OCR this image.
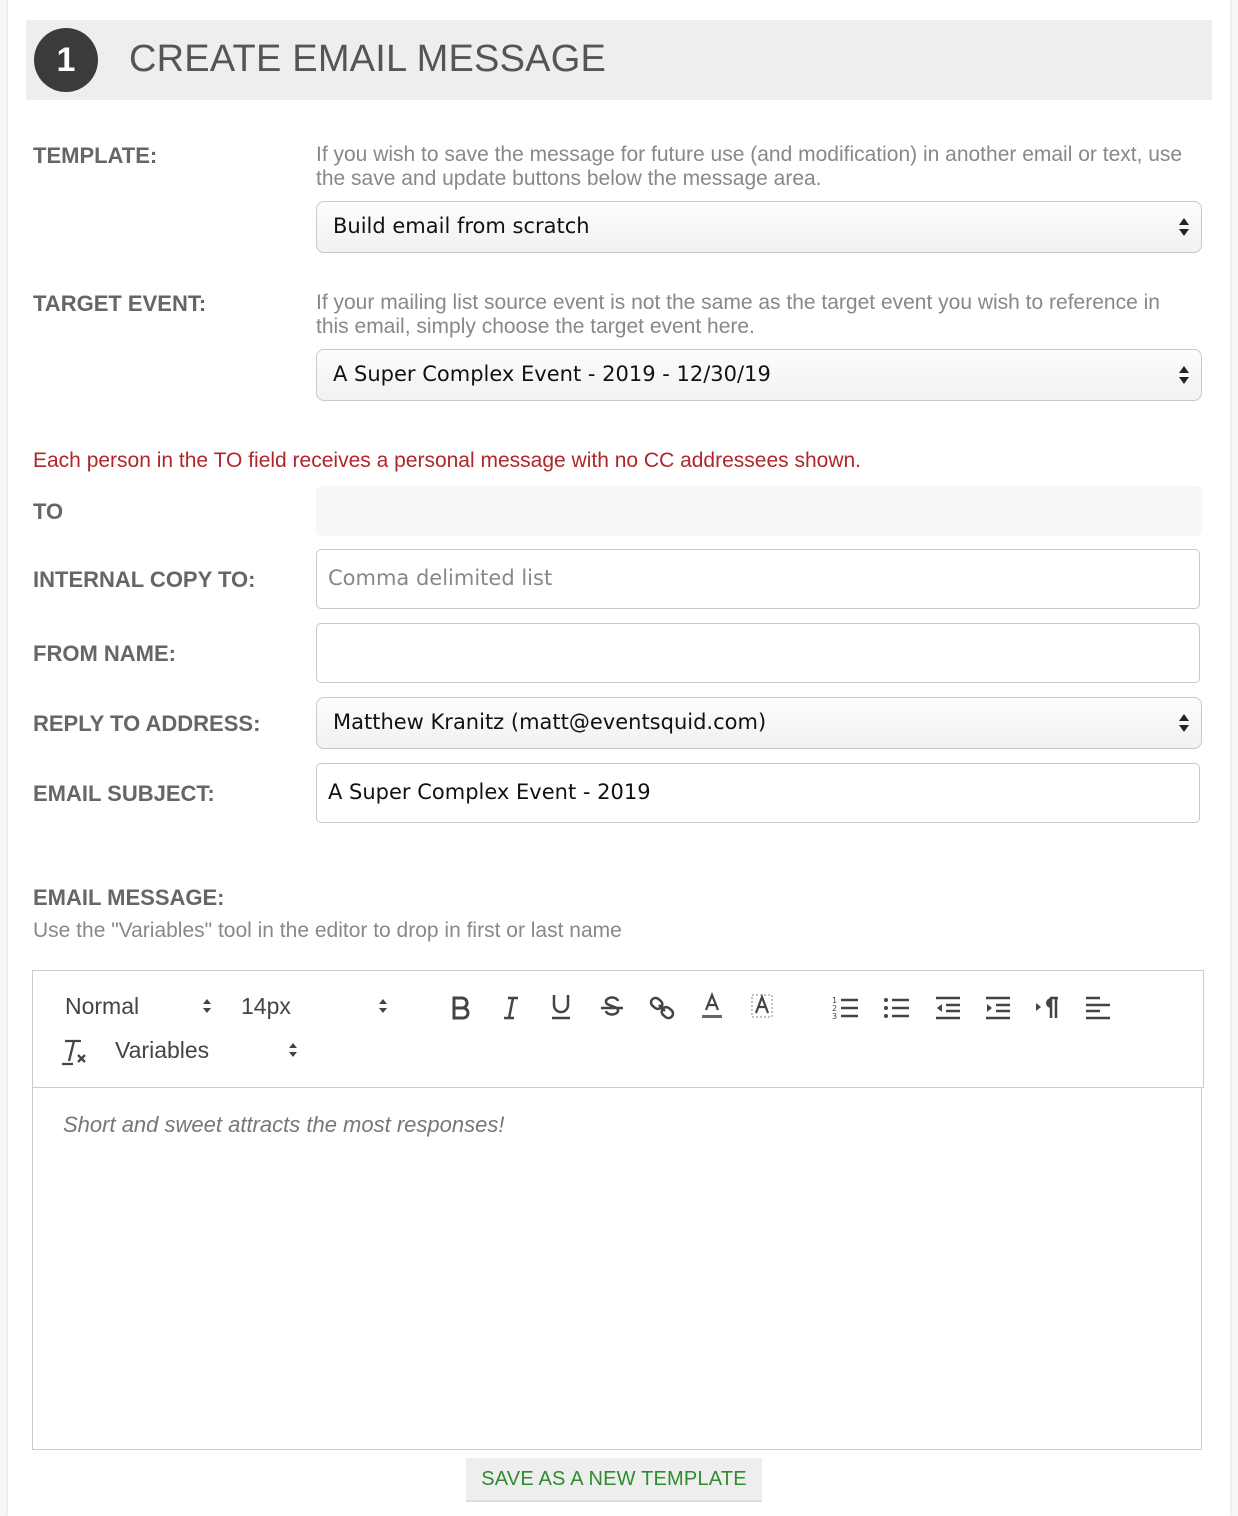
1	CREATE EMAIL MESSAGE
TEMPLATE:	If you wish to save the message for future use (and modification) in another email or text, use the save and update buttons below the message area.
Build email from scratch
TARGET EVENT:	If your mailing list source event is not the same as the target event you wish to reference in this email, simply choose the target event here.
A Super Complex Event - 2019 - 12/30/19
Each person in the TO field receives a personal message with no CC addressees shown.
TO
INTERNAL COPY TO:	Comma delimited list
FROM NAME:
REPLY TO ADDRESS:	Matthew Kranitz (matt@eventsquid.com)
EMAIL SUBJECT:	A Super Complex Event - 2019
EMAIL MESSAGE:
Use the "Variables" tool in the editor to drop in first or last name
Normal	14px	1
2
3
Variables
Short and sweet attracts the most responses!
SAVE AS A NEW TEMPLATE
